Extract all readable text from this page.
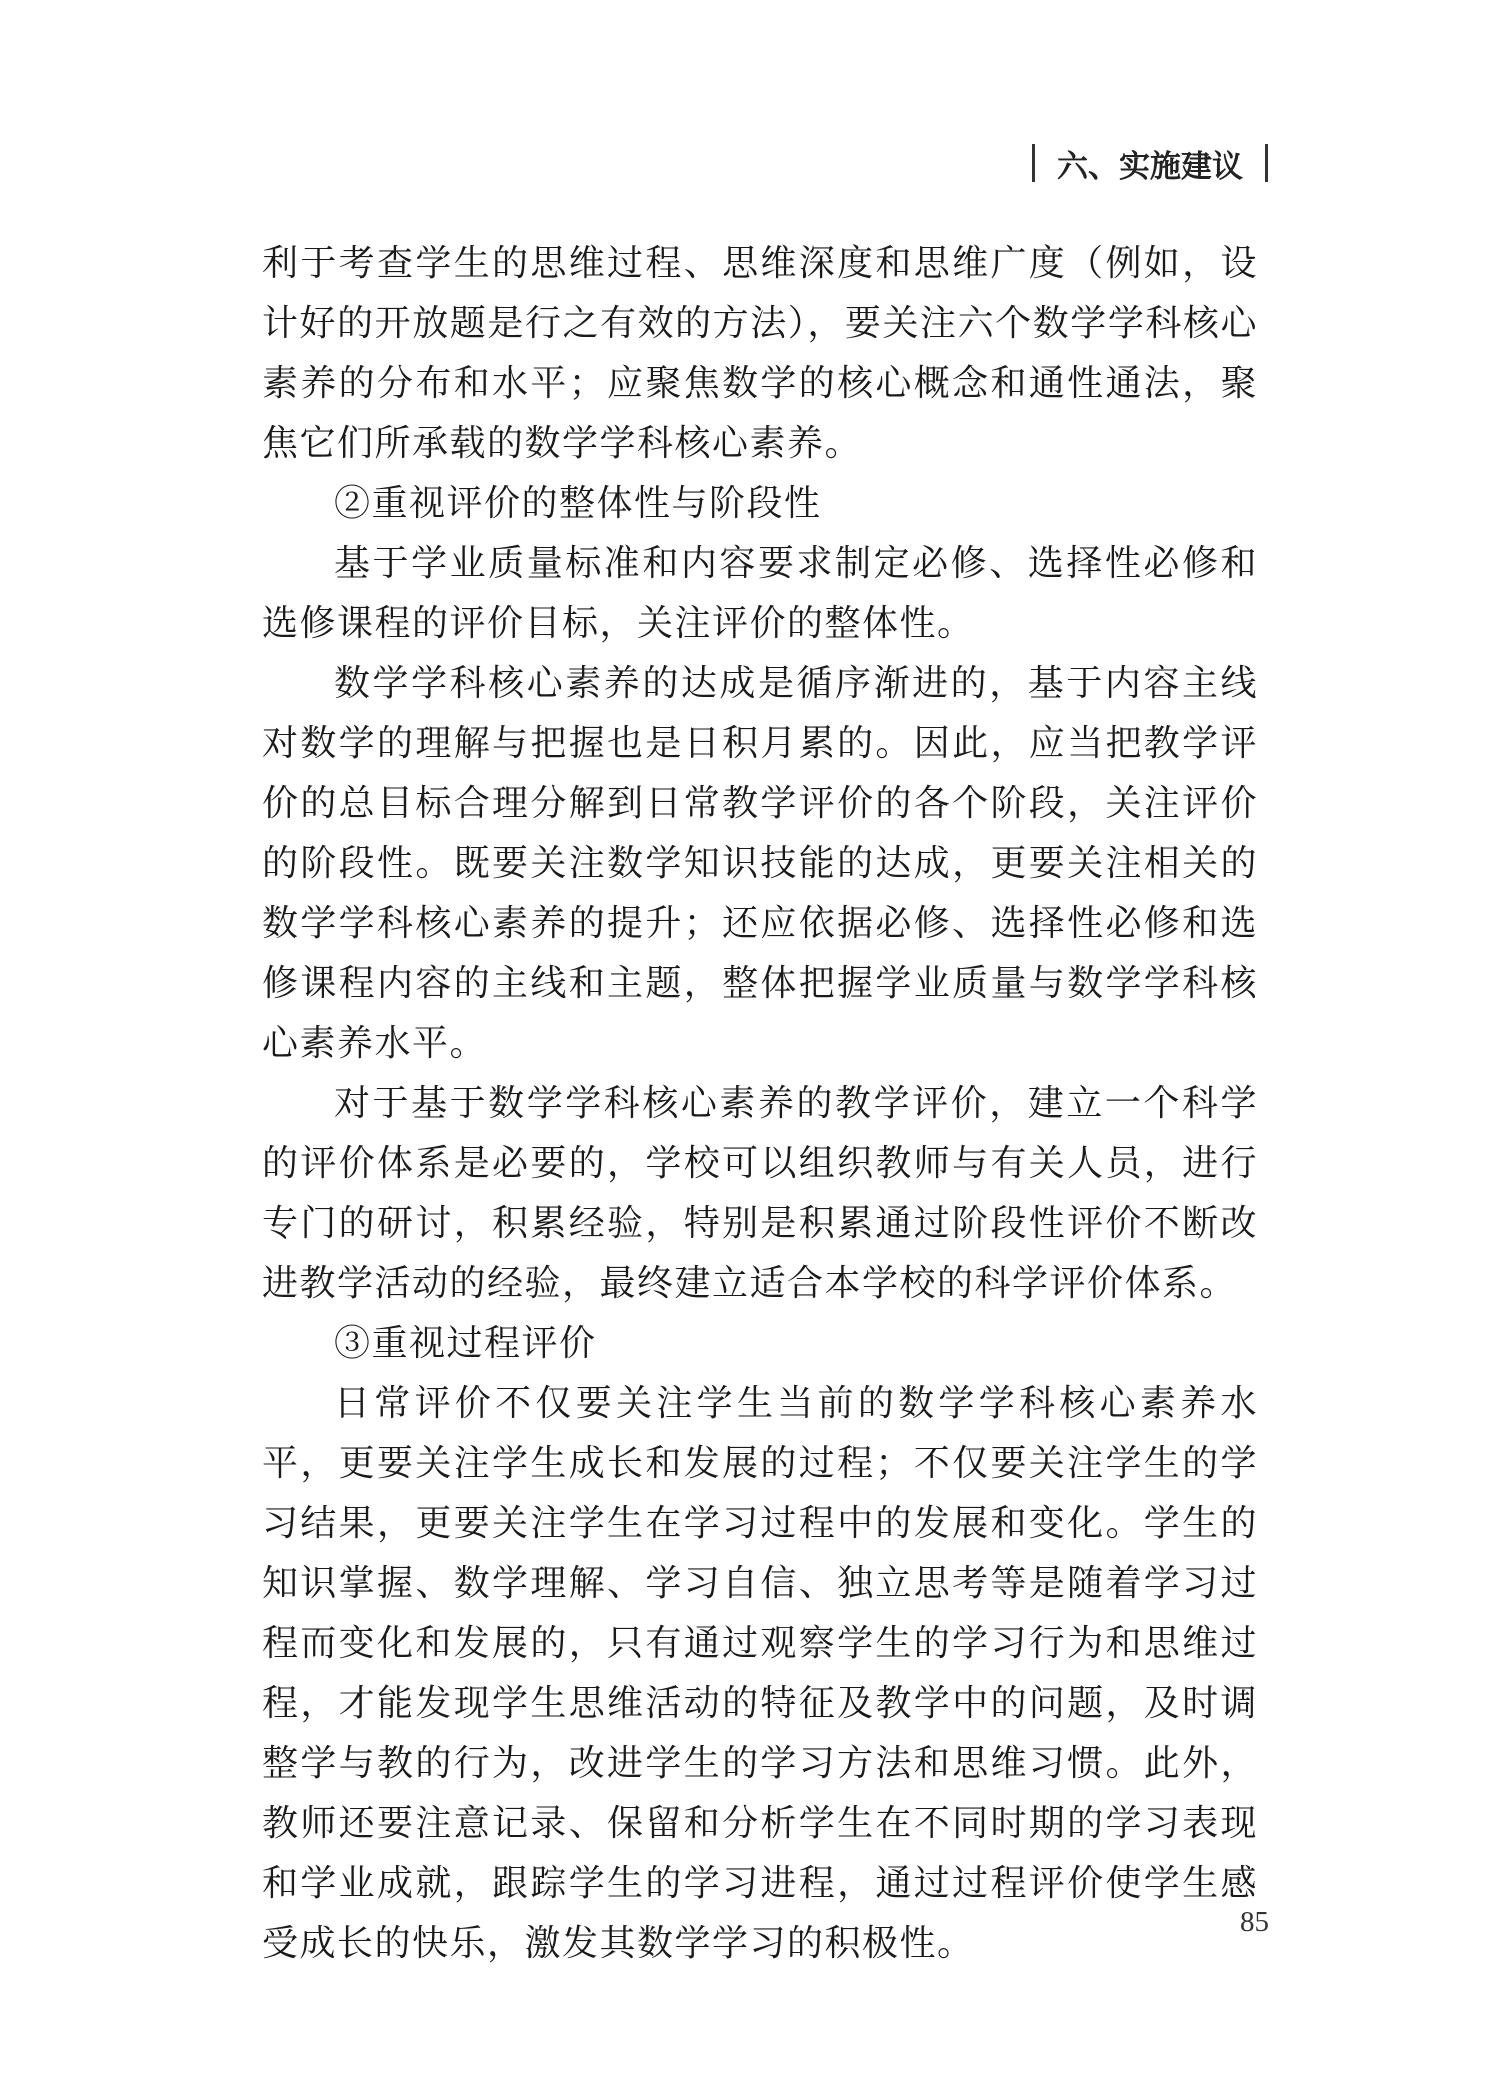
六、实施建议

利于考查学生的思维过程、思维深度和思维广度（例如，设计好的开放题是行之有效的方法），要关注六个数学学科核心素养的分布和水平；应聚焦数学的核心概念和通性通法，聚焦它们所承载的数学学科核心素养。

②重视评价的整体性与阶段性

基于学业质量标准和内容要求制定必修、选择性必修和选修课程的评价目标，关注评价的整体性。

数学学科核心素养的达成是循序渐进的，基于内容主线对数学的理解与把握也是日积月累的。因此，应当把教学评价的总目标合理分解到日常教学评价的各个阶段，关注评价的阶段性。既要关注数学知识技能的达成，更要关注相关的数学学科核心素养的提升；还应依据必修、选择性必修和选修课程内容的主线和主题，整体把握学业质量与数学学科核心素养水平。

对于基于数学学科核心素养的教学评价，建立一个科学的评价体系是必要的，学校可以组织教师与有关人员，进行专门的研讨，积累经验，特别是积累通过阶段性评价不断改进教学活动的经验，最终建立适合本学校的科学评价体系。

③重视过程评价

日常评价不仅要关注学生当前的数学学科核心素养水平，更要关注学生成长和发展的过程；不仅要关注学生的学习结果，更要关注学生在学习过程中的发展和变化。学生的知识掌握、数学理解、学习自信、独立思考等是随着学习过程而变化和发展的，只有通过观察学生的学习行为和思维过程，才能发现学生思维活动的特征及教学中的问题，及时调整学与教的行为，改进学生的学习方法和思维习惯。此外，教师还要注意记录、保留和分析学生在不同时期的学习表现和学业成就，跟踪学生的学习进程，通过过程评价使学生感受成长的快乐，激发其数学学习的积极性。

85
